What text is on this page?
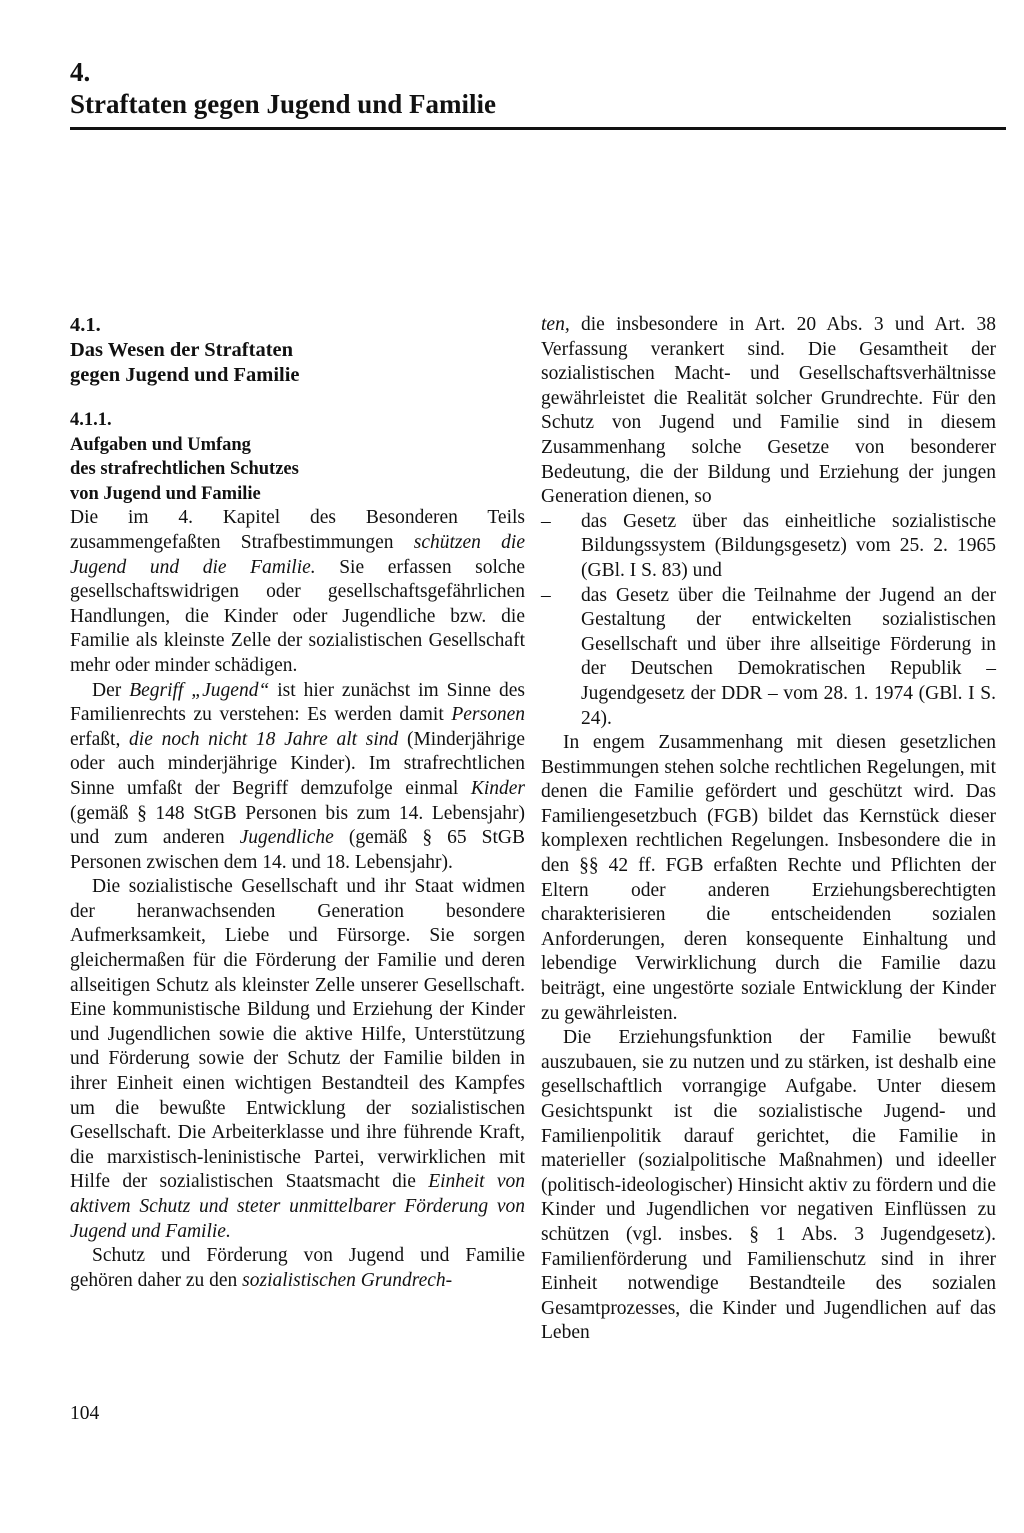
4.
Straftaten gegen Jugend und Familie
4.1.
Das Wesen der Straftaten
gegen Jugend und Familie
4.1.1.
Aufgaben und Umfang
des strafrechtlichen Schutzes
von Jugend und Familie

Die im 4. Kapitel des Besonderen Teils zusammengefaßten Strafbestimmungen schützen die Jugend und die Familie. Sie erfassen solche gesellschaftswidrigen oder gesellschaftsgefährlichen Handlungen, die Kinder oder Jugendliche bzw. die Familie als kleinste Zelle der sozialistischen Gesellschaft mehr oder minder schädigen.

Der Begriff „Jugend“ ist hier zunächst im Sinne des Familienrechts zu verstehen: Es werden damit Personen erfaßt, die noch nicht 18 Jahre alt sind (Minderjährige oder auch minderjährige Kinder). Im strafrechtlichen Sinne umfaßt der Begriff demzufolge einmal Kinder (gemäß § 148 StGB Personen bis zum 14. Lebensjahr) und zum anderen Jugendliche (gemäß § 65 StGB Personen zwischen dem 14. und 18. Lebensjahr).

Die sozialistische Gesellschaft und ihr Staat widmen der heranwachsenden Generation besondere Aufmerksamkeit, Liebe und Fürsorge. Sie sorgen gleichermaßen für die Förderung der Familie und deren allseitigen Schutz als kleinster Zelle unserer Gesellschaft. Eine kommunistische Bildung und Erziehung der Kinder und Jugendlichen sowie die aktive Hilfe, Unterstützung und Förderung sowie der Schutz der Familie bilden in ihrer Einheit einen wichtigen Bestandteil des Kampfes um die bewußte Entwicklung der sozialistischen Gesellschaft. Die Arbeiterklasse und ihre führende Kraft, die marxistisch-leninistische Partei, verwirklichen mit Hilfe der sozialistischen Staatsmacht die Einheit von aktivem Schutz und steter unmittelbarer Förderung von Jugend und Familie.

Schutz und Förderung von Jugend und Familie gehören daher zu den sozialistischen Grundrech-

ten, die insbesondere in Art. 20 Abs. 3 und Art. 38 Verfassung verankert sind. Die Gesamtheit der sozialistischen Macht- und Gesellschaftsverhältnisse gewährleistet die Realität solcher Grundrechte. Für den Schutz von Jugend und Familie sind in diesem Zusammenhang solche Gesetze von besonderer Bedeutung, die der Bildung und Erziehung der jungen Generation dienen, so

– das Gesetz über das einheitliche sozialistische Bildungssystem (Bildungsgesetz) vom 25. 2. 1965 (GBl. I S. 83) und
– das Gesetz über die Teilnahme der Jugend an der Gestaltung der entwickelten sozialistischen Gesellschaft und über ihre allseitige Förderung in der Deutschen Demokratischen Republik – Jugendgesetz der DDR – vom 28. 1. 1974 (GBl. I S. 24).

In engem Zusammenhang mit diesen gesetzlichen Bestimmungen stehen solche rechtlichen Regelungen, mit denen die Familie gefördert und geschützt wird. Das Familiengesetzbuch (FGB) bildet das Kernstück dieser komplexen rechtlichen Regelungen. Insbesondere die in den §§ 42 ff. FGB erfaßten Rechte und Pflichten der Eltern oder anderen Erziehungsberechtigten charakterisieren die entscheidenden sozialen Anforderungen, deren konsequente Einhaltung und lebendige Verwirklichung durch die Familie dazu beiträgt, eine ungestörte soziale Entwicklung der Kinder zu gewährleisten.

Die Erziehungsfunktion der Familie bewußt auszubauen, sie zu nutzen und zu stärken, ist deshalb eine gesellschaftlich vorrangige Aufgabe. Unter diesem Gesichtspunkt ist die sozialistische Jugend- und Familienpolitik darauf gerichtet, die Familie in materieller (sozialpolitische Maßnahmen) und ideeller (politisch-ideologischer) Hinsicht aktiv zu fördern und die Kinder und Jugendlichen vor negativen Einflüssen zu schützen (vgl. insbes. § 1 Abs. 3 Jugendgesetz). Familienförderung und Familienschutz sind in ihrer Einheit notwendige Bestandteile des sozialen Gesamtprozesses, die Kinder und Jugendlichen auf das Leben

104
